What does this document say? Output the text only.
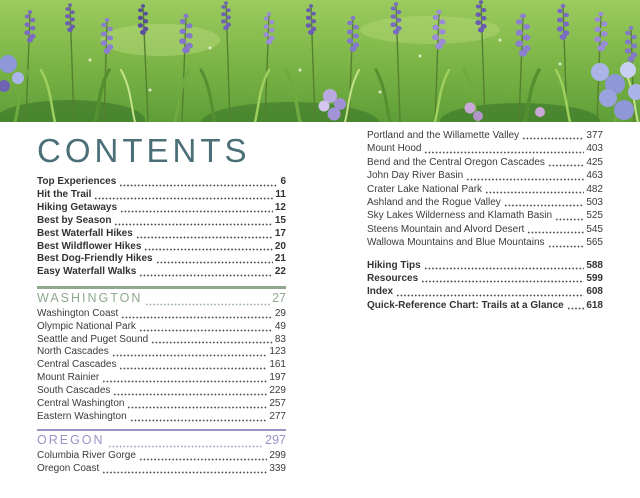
CONTENTS
Top Experiences	6
Hit the Trail	11
Hiking Getaways	12
Best by Season	15
Best Waterfall Hikes	17
Best Wildflower Hikes	20
Best Dog-Friendly Hikes	21
Easy Waterfall Walks	22
WASHINGTON	27
Washington Coast	29
Olympic National Park	49
Seattle and Puget Sound	83
North Cascades	123
Central Cascades	161
Mount Rainier	197
South Cascades	229
Central Washington	257
Eastern Washington	277
OREGON	297
Columbia River Gorge	299
Oregon Coast	339
Portland and the Willamette Valley	377
Mount Hood	403
Bend and the Central Oregon Cascades	425
John Day River Basin	463
Crater Lake National Park	482
Ashland and the Rogue Valley	503
Sky Lakes Wilderness and Klamath Basin	525
Steens Mountain and Alvord Desert	545
Wallowa Mountains and Blue Mountains	565
Hiking Tips	588
Resources	599
Index	608
Quick-Reference Chart: Trails at a Glance 618
